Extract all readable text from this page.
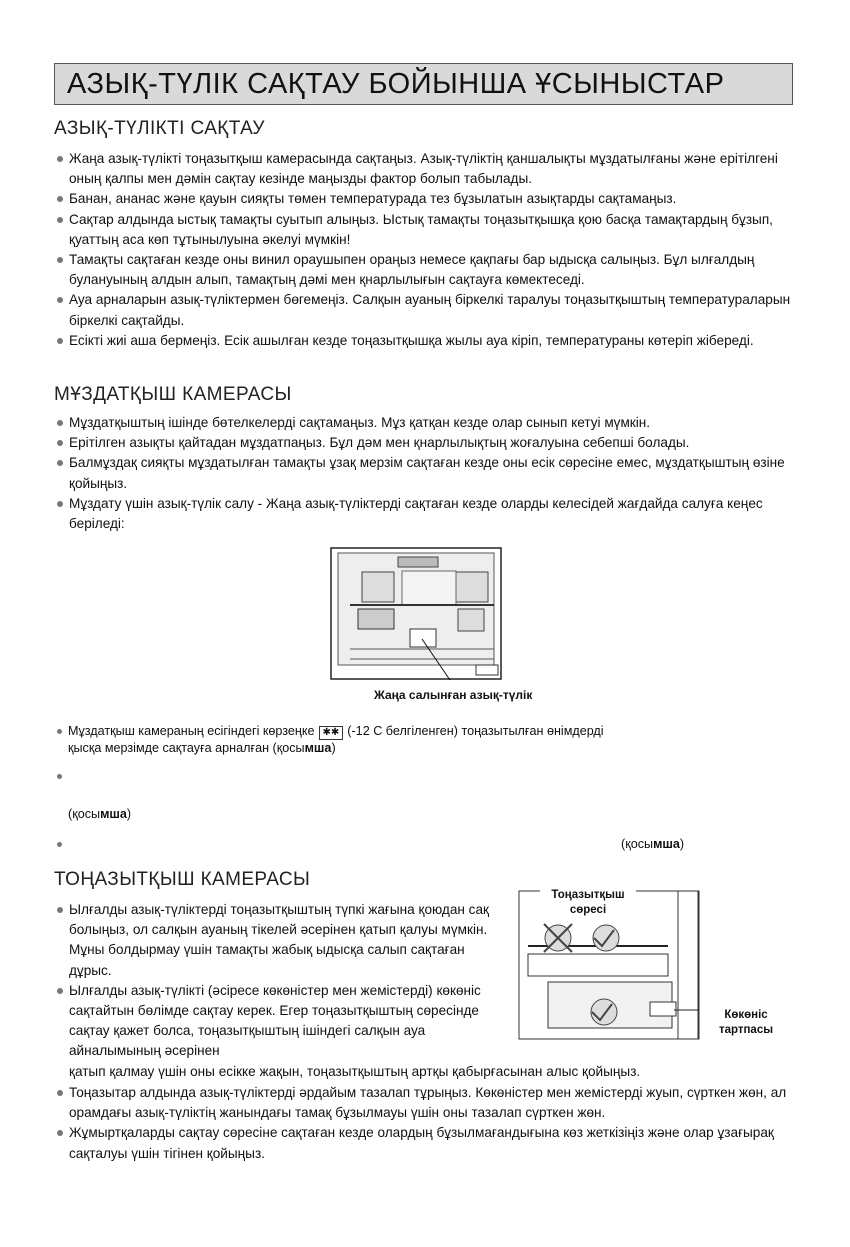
АЗЫҚ-ТҮЛІК САҚТАУ БОЙЫНША ҰСЫНЫСТАР
АЗЫҚ-ТҮЛІКТІ САҚТАУ
Жаңа азық-түлікті тоңазытқыш камерасында сақтаңыз. Азық-түліктің қаншалықты мұздатылғаны және ерітілгені оның қалпы мен дәмін сақтау кезінде маңызды фактор болып табылады.
Банан, ананас және қауын сияқты төмен температурада тез бұзылатын азықтарды сақтамаңыз.
Сақтар алдында ыстық тамақты суытып алыңыз. Ыстық тамақты тоңазытқышқа қою басқа тамақтардың бұзып, қуаттың аса көп тұтынылуына әкелуі мүмкін!
Тамақты сақтаған кезде оны винил ораушыпен ораңыз немесе қақпағы бар ыдысқа салыңыз. Бұл ылғалдың булануының алдын алып, тамақтың дәмі мен қнарлылығын сақтауға көмектеседі.
Ауа арналарын азық-түліктермен бөгемеңіз. Салқын ауаның біркелкі таралуы тоңазытқыштың температураларын біркелкі сақтайды.
Есікті жиі аша бермеңіз. Есік ашылған кезде тоңазытқышқа жылы ауа кіріп, температураны көтеріп жібереді.
МҰЗДАТҚЫШ КАМЕРАСЫ
Мұздатқыштың ішінде бөтелкелерді сақтамаңыз. Мұз қатқан кезде олар сынып кетуі мүмкін.
Ерітілген азықты қайтадан мұздатпаңыз. Бұл дәм мен қнарлылықтың жоғалуына себепші болады.
Балмұздақ сияқты мұздатылған тамақты ұзақ мерзім сақтаған кезде оны есік сөресіне емес, мұздатқыштың өзіне қойыңыз.
Мұздату үшін азық-түлік салу - Жаңа азық-түліктерді сақтаған кезде оларды келесідей жағдайда салуға кеңес беріледі:
Жаңа салынған азық-түлік
Мұздатқыш камераның есігіндегі көрзеңке ✱✱ (-12 С белгіленген) тоңазытылған өнімдерді
қысқа мерзімде сақтауға арналған (қосымша)
(қосымша)
(қосымша)
ТОҢАЗЫТҚЫШ КАМЕРАСЫ
Ылғалды азық-түліктерді тоңазытқыштың түпкі жағына қоюдан сақ болыңыз, ол салқын ауаның тікелей әсерінен қатып қалуы мүмкін. Мұны болдырмау үшін тамақты жабық ыдысқа салып сақтаған дұрыс.
Ылғалды азық-түлікті (әсіресе көкөністер мен жемістерді) көкөніс сақтайтын бөлімде сақтау керек. Егер тоңазытқыштың сөресінде сақтау қажет болса, тоңазытқыштың ішіндегі салқын ауа айналымының әсерінен
қатып қалмау үшін оны есікке жақын, тоңазытқыштың артқы қабырғасынан алыс қойыңыз.
Тоңазытар алдында азық-түліктерді әрдайым тазалап тұрыңыз. Көкөністер мен жемістерді жуып, сүрткен жөн, ал орамдағы азық-түліктің жанындағы тамақ бұзылмауы үшін оны тазалап сүрткен жөн.
Жұмыртқаларды сақтау сөресіне сақтаған кезде олардың бұзылмағандығына көз жеткізіңіз және олар ұзағырақ сақталуы үшін тігінен қойыңыз.
Тоңазытқыш сөресі
Көкөніс тартпасы
